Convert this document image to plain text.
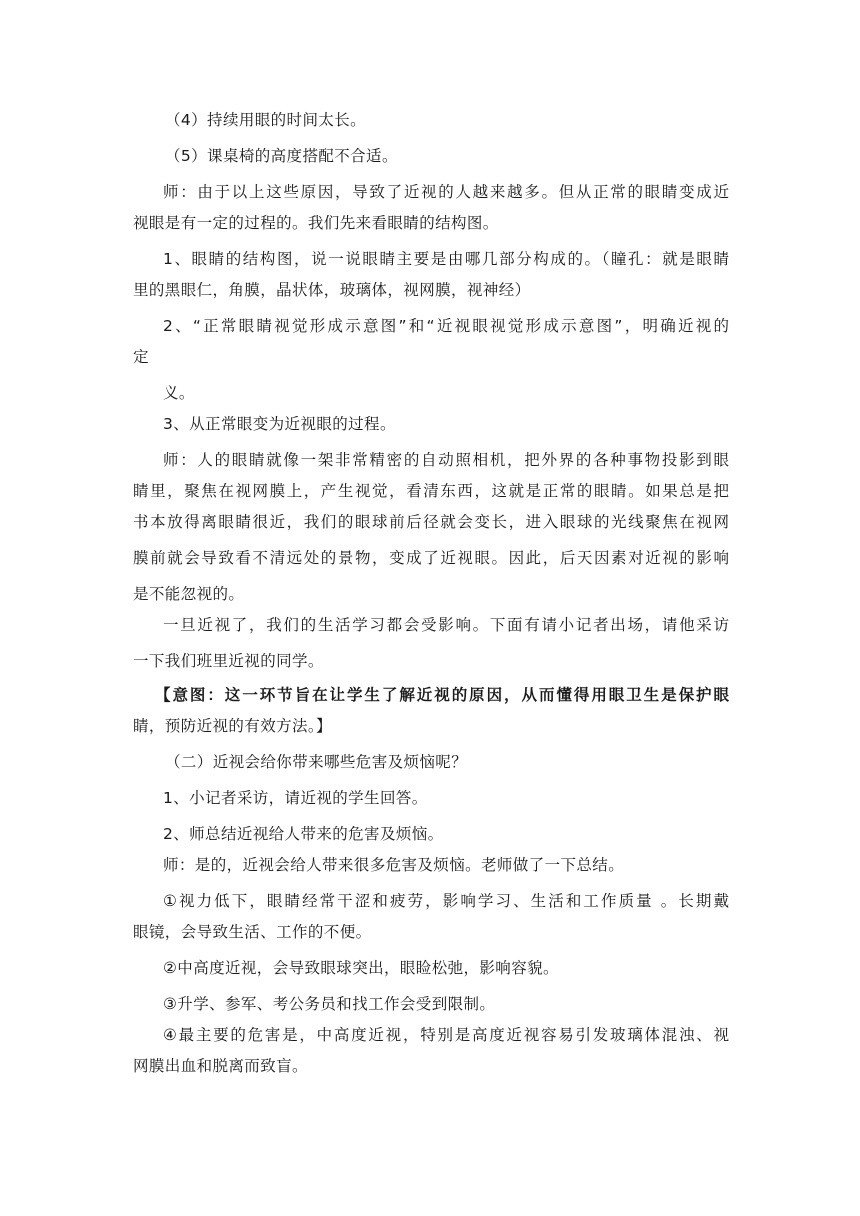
（4）持续用眼的时间太长。
（5）课桌椅的高度搭配不合适。
师：由于以上这些原因，导致了近视的人越来越多。但从正常的眼睛变成近
视眼是有一定的过程的。我们先来看眼睛的结构图。
1、眼睛的结构图，说一说眼睛主要是由哪几部分构成的。（瞳孔：就是眼睛
里的黑眼仁，角膜，晶状体，玻璃体，视网膜，视神经）
2、“正常眼睛视觉形成示意图”和“近视眼视觉形成示意图”，明确近视的
定
义。
3、从正常眼变为近视眼的过程。
师：人的眼睛就像一架非常精密的自动照相机，把外界的各种事物投影到眼
睛里，聚焦在视网膜上，产生视觉，看清东西，这就是正常的眼睛。如果总是把
书本放得离眼睛很近，我们的眼球前后径就会变长，进入眼球的光线聚焦在视网
膜前就会导致看不清远处的景物，变成了近视眼。因此，后天因素对近视的影响
是不能忽视的。
一旦近视了，我们的生活学习都会受影响。下面有请小记者出场，请他采访
一下我们班里近视的同学。
【意图：这一环节旨在让学生了解近视的原因，从而懂得用眼卫生是保护眼
睛，预防近视的有效方法。】
（二）近视会给你带来哪些危害及烦恼呢？
1、小记者采访，请近视的学生回答。
2、师总结近视给人带来的危害及烦恼。
师：是的，近视会给人带来很多危害及烦恼。老师做了一下总结。
①视力低下，眼睛经常干涩和疲劳，影响学习、生活和工作质量 。长期戴
眼镜，会导致生活、工作的不便。
②中高度近视，会导致眼球突出，眼睑松弛，影响容貌。
③升学、参军、考公务员和找工作会受到限制。
④最主要的危害是，中高度近视，特别是高度近视容易引发玻璃体混浊、视
网膜出血和脱离而致盲。
